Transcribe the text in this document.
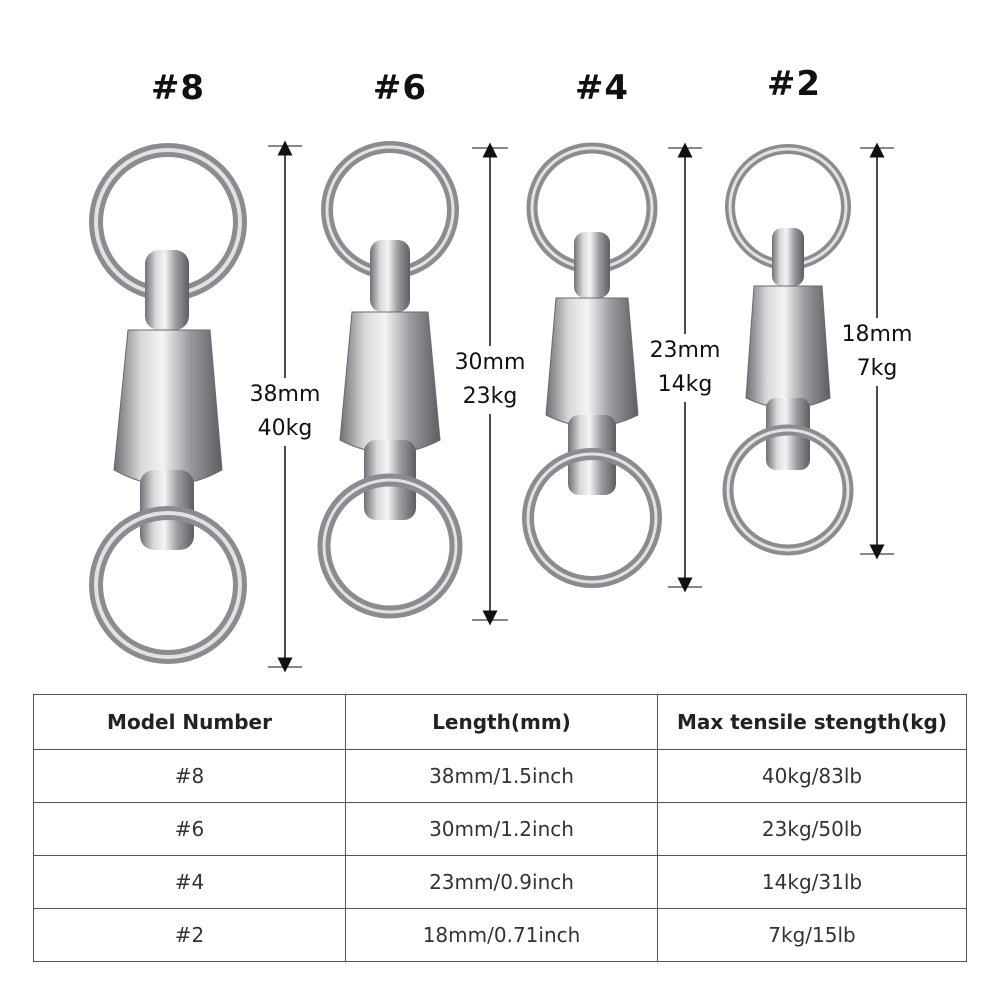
#8	#6	#4	#2
38mm
40kg
30mm
23kg
23mm
14kg
18mm
7kg
Model Number	Length(mm)	Max tensile stength(kg)
#8	38mm/1.5inch	40kg/83lb
#6	30mm/1.2inch	23kg/50lb
#4	23mm/0.9inch	14kg/31lb
#2	18mm/0.71inch	7kg/15lb
